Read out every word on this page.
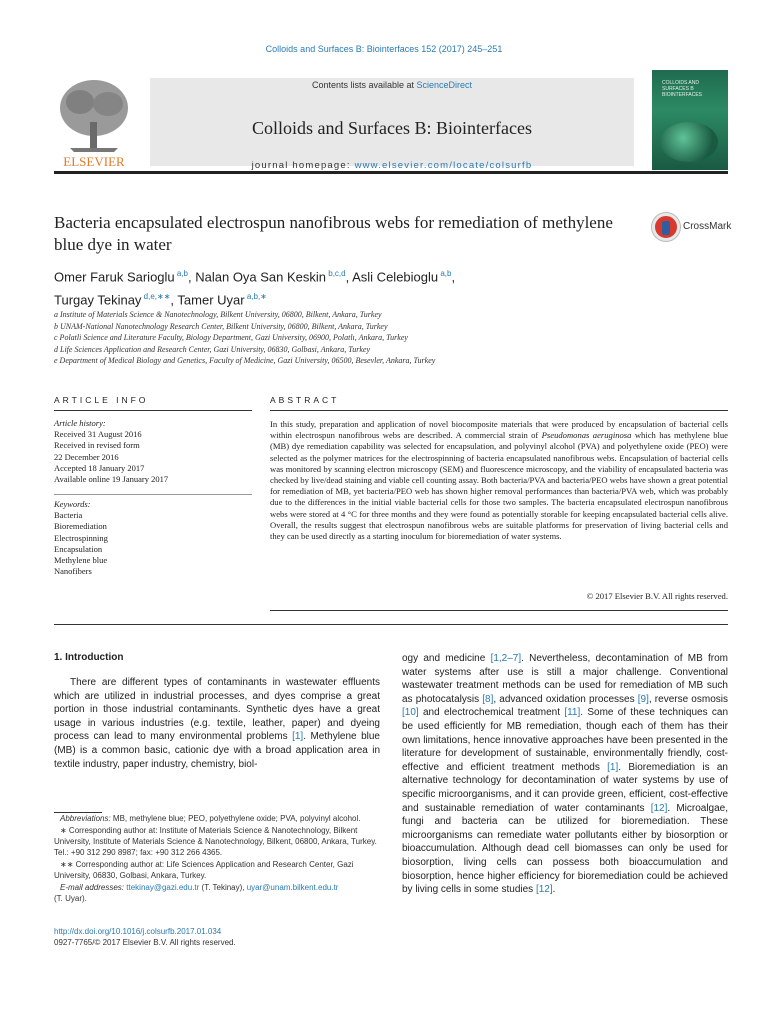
Colloids and Surfaces B: Biointerfaces 152 (2017) 245–251
ELSEVIER
Contents lists available at ScienceDirect
Colloids and Surfaces B: Biointerfaces
journal homepage: www.elsevier.com/locate/colsurfb
COLLOIDS AND SURFACES B BIOINTERFACES
Bacteria encapsulated electrospun nanofibrous webs for remediation of methylene blue dye in water
CrossMark
Omer Faruk Sarioglu $^{a,b}$, Nalan Oya San Keskin $^{b,c,d}$, Asli Celebioglu $^{a,b}$,
Turgay Tekinay $^{d,e,∗∗}$, Tamer Uyar $^{a,b,∗}$
a Institute of Materials Science & Nanotechnology, Bilkent University, 06800, Bilkent, Ankara, Turkey
b UNAM-National Nanotechnology Research Center, Bilkent University, 06800, Bilkent, Ankara, Turkey
c Polatli Science and Literature Faculty, Biology Department, Gazi University, 06900, Polatlı, Ankara, Turkey
d Life Sciences Application and Research Center, Gazi University, 06830, Golbasi, Ankara, Turkey
e Department of Medical Biology and Genetics, Faculty of Medicine, Gazi University, 06500, Besevler, Ankara, Turkey
ARTICLE INFO	ABSTRACT
Article history:
Received 31 August 2016
Received in revised form
22 December 2016
Accepted 18 January 2017
Available online 19 January 2017
Keywords:
Bacteria
Bioremediation
Electrospinning
Encapsulation
Methylene blue
Nanofibers
In this study, preparation and application of novel biocomposite materials that were produced by encapsulation of bacterial cells within electrospun nanofibrous webs are described. A commercial strain of Pseudomonas aeruginosa which has methylene blue (MB) dye remediation capability was selected for encapsulation, and polyvinyl alcohol (PVA) and polyethylene oxide (PEO) were selected as the polymer matrices for the electrospinning of bacteria encapsulated nanofibrous webs. Encapsulation of bacterial cells was monitored by scanning electron microscopy (SEM) and fluorescence microscopy, and the viability of encapsulated bacteria was checked by live/dead staining and viable cell counting assay. Both bacteria/PVA and bacteria/PEO webs have shown a great potential for remediation of MB, yet bacteria/PEO web has shown higher removal performances than bacteria/PVA web, which was probably due to the differences in the initial viable bacterial cells for those two samples. The bacteria encapsulated electrospun nanofibrous webs were stored at 4 °C for three months and they were found as potentially storable for keeping encapsulated bacterial cells alive. Overall, the results suggest that electrospun nanofibrous webs are suitable platforms for preservation of living bacterial cells and they can be used directly as a starting inoculum for bioremediation of water systems.
© 2017 Elsevier B.V. All rights reserved.
1. Introduction
There are different types of contaminants in wastewater effluents which are utilized in industrial processes, and dyes comprise a great portion in those industrial contaminants. Synthetic dyes have a great usage in various industries (e.g. textile, leather, paper) and dyeing process can lead to many environmental problems [1]. Methylene blue (MB) is a common basic, cationic dye with a broad application area in textile industry, paper industry, chemistry, biol-

Abbreviations: MB, methylene blue; PEO, polyethylene oxide; PVA, polyvinyl alcohol.

∗ Corresponding author at: Institute of Materials Science & Nanotechnology, Bilkent University, Institute of Materials Science & Nanotechnology, Bilkent, 06800, Ankara, Turkey. Tel.: +90 312 290 8987; fax: +90 312 266 4365.

∗∗ Corresponding author at: Life Sciences Application and Research Center, Gazi University, 06830, Golbasi, Ankara, Turkey.

E-mail addresses: ttekinay@gazi.edu.tr (T. Tekinay), uyar@unam.bilkent.edu.tr
(T. Uyar).

http://dx.doi.org/10.1016/j.colsurfb.2017.01.034
0927-7765/© 2017 Elsevier B.V. All rights reserved.
ogy and medicine [1,2–7]. Nevertheless, decontamination of MB from water systems after use is still a major challenge. Conventional wastewater treatment methods can be used for remediation of MB such as photocatalysis [8], advanced oxidation processes [9], reverse osmosis [10] and electrochemical treatment [11]. Some of these techniques can be used efficiently for MB remediation, though each of them has their own limitations, hence innovative approaches have been presented in the literature for development of sustainable, environmentally friendly, cost-effective and efficient treatment methods [1]. Bioremediation is an alternative technology for decontamination of water systems by use of specific microorganisms, and it can provide green, efficient, cost-effective and sustainable remediation of water contaminants [12]. Microalgae, fungi and bacteria can be utilized for bioremediation. These microorganisms can remediate water pollutants either by biosorption or bioaccumulation. Although dead cell biomasses can only be used for biosorption, living cells can possess both bioaccumulation and biosorption, hence higher efficiency for bioremediation could be achieved by living cells in some studies [12].
